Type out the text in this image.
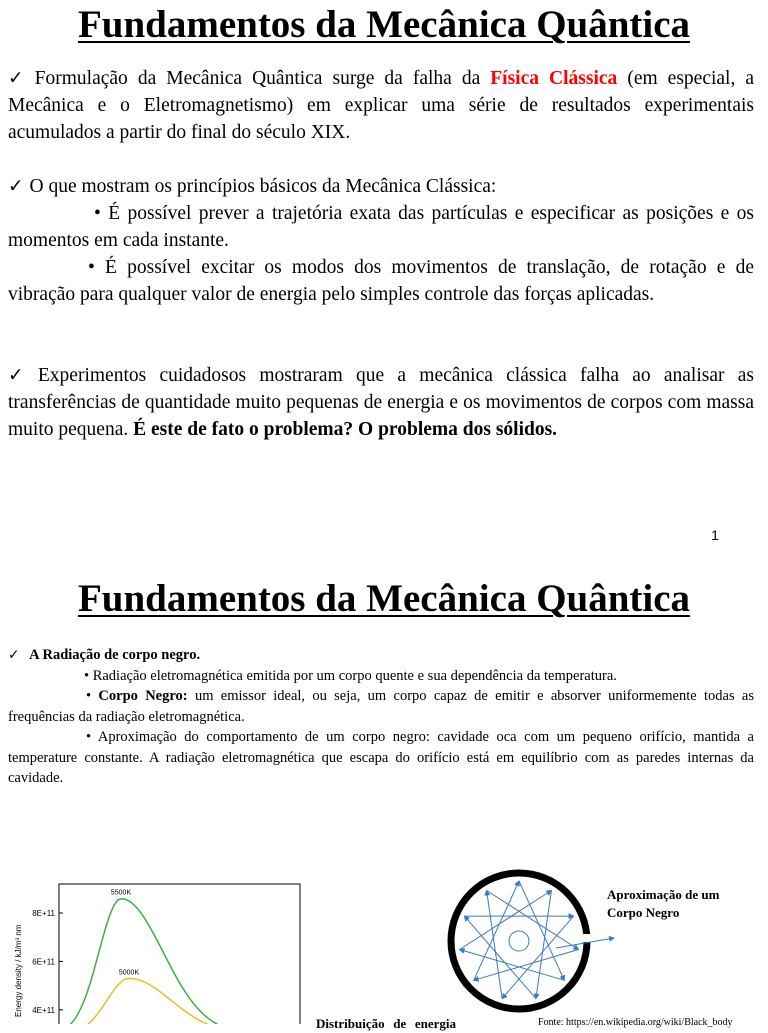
Fundamentos da Mecânica Quântica

✓ Formulação da Mecânica Quântica surge da falha da Física Clássica (em especial, a Mecânica e o Eletromagnetismo) em explicar uma série de resultados experimentais acumulados a partir do final do século XIX.

✓ O que mostram os princípios básicos da Mecânica Clássica:

• É possível prever a trajetória exata das partículas e especificar as posições e os momentos em cada instante.

• É possível excitar os modos dos movimentos de translação, de rotação e de vibração para qualquer valor de energia pelo simples controle das forças aplicadas.

✓ Experimentos cuidadosos mostraram que a mecânica clássica falha ao analisar as transferências de quantidade muito pequenas de energia e os movimentos de corpos com massa muito pequena. É este de fato o problema? O problema dos sólidos.

1
Fundamentos da Mecânica Quântica

✓ A Radiação de corpo negro.

• Radiação eletromagnética emitida por um corpo quente e sua dependência da temperatura.

• Corpo Negro: um emissor ideal, ou seja, um corpo capaz de emitir e absorver uniformemente todas as frequências da radiação eletromagnética.

• Aproximação do comportamento de um corpo negro: cavidade oca com um pequeno orifício, mantida a temperature constante. A radiação eletromagnética que escapa do orifício está em equilíbrio com as paredes internas da cavidade.

Energy density / kJ/m³ nm 4E+11
6E+11
8E+11
5500K
5000K
Aproximação de um Corpo Negro
Distribuição de energia	Fonte: https://en.wikipedia.org/wiki/Black_body
